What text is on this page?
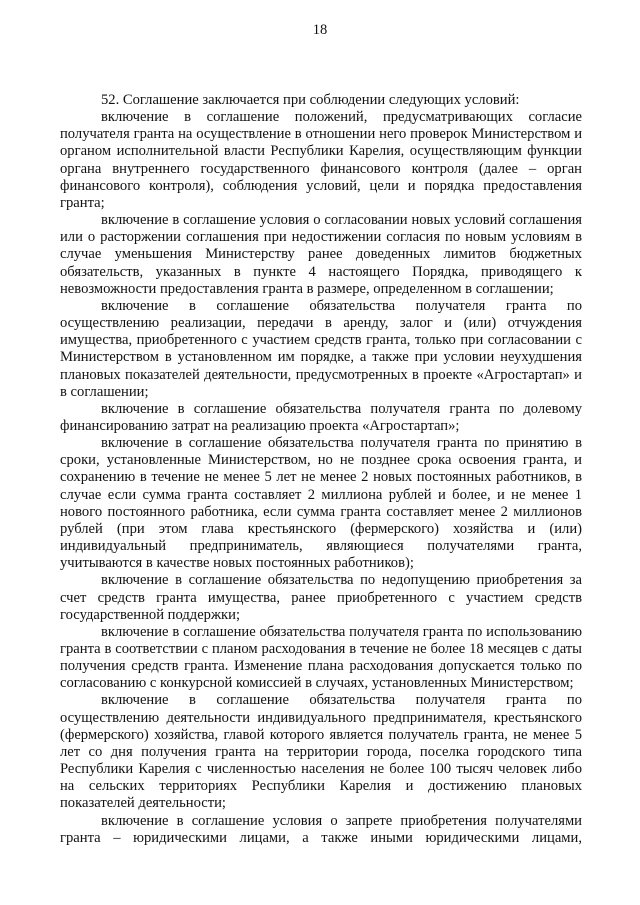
18

52. Соглашение заключается при соблюдении следующих условий:

включение в соглашение положений, предусматривающих согласие получателя гранта на осуществление в отношении него проверок Министерством и органом исполнительной власти Республики Карелия, осуществляющим функции органа внутреннего государственного финансового контроля (далее – орган финансового контроля), соблюдения условий, цели и порядка предоставления гранта;

включение в соглашение условия о согласовании новых условий соглашения или о расторжении соглашения при недостижении согласия по новым условиям в случае уменьшения Министерству ранее доведенных лимитов бюджетных обязательств, указанных в пункте 4 настоящего Порядка, приводящего к невозможности предоставления гранта в размере, определенном в соглашении;

включение в соглашение обязательства получателя гранта по осуществлению реализации, передачи в аренду, залог и (или) отчуждения имущества, приобретенного с участием средств гранта, только при согласовании с Министерством в установленном им порядке, а также при условии неухудшения плановых показателей деятельности, предусмотренных в проекте «Агростартап» и в соглашении;

включение в соглашение обязательства получателя гранта по долевому финансированию затрат на реализацию проекта «Агростартап»;

включение в соглашение обязательства получателя гранта по принятию в сроки, установленные Министерством, но не позднее срока освоения гранта, и сохранению в течение не менее 5 лет не менее 2 новых постоянных работников, в случае если сумма гранта составляет 2 миллиона рублей и более, и не менее 1 нового постоянного работника, если сумма гранта составляет менее 2 миллионов рублей (при этом глава крестьянского (фермерского) хозяйства и (или) индивидуальный предприниматель, являющиеся получателями гранта, учитываются в качестве новых постоянных работников);

включение в соглашение обязательства по недопущению приобретения за счет средств гранта имущества, ранее приобретенного с участием средств государственной поддержки;

включение в соглашение обязательства получателя гранта по использованию гранта в соответствии с планом расходования в течение не более 18 месяцев с даты получения средств гранта. Изменение плана расходования допускается только по согласованию с конкурсной комиссией в случаях, установленных Министерством;

включение в соглашение обязательства получателя гранта по осуществлению деятельности индивидуального предпринимателя, крестьянского (фермерского) хозяйства, главой которого является получатель гранта, не менее 5 лет со дня получения гранта на территории города, поселка городского типа Республики Карелия с численностью населения не более 100 тысяч человек либо на сельских территориях Республики Карелия и достижению плановых показателей деятельности;

включение в соглашение условия о запрете приобретения получателями гранта – юридическими лицами, а также иными юридическими лицами,
